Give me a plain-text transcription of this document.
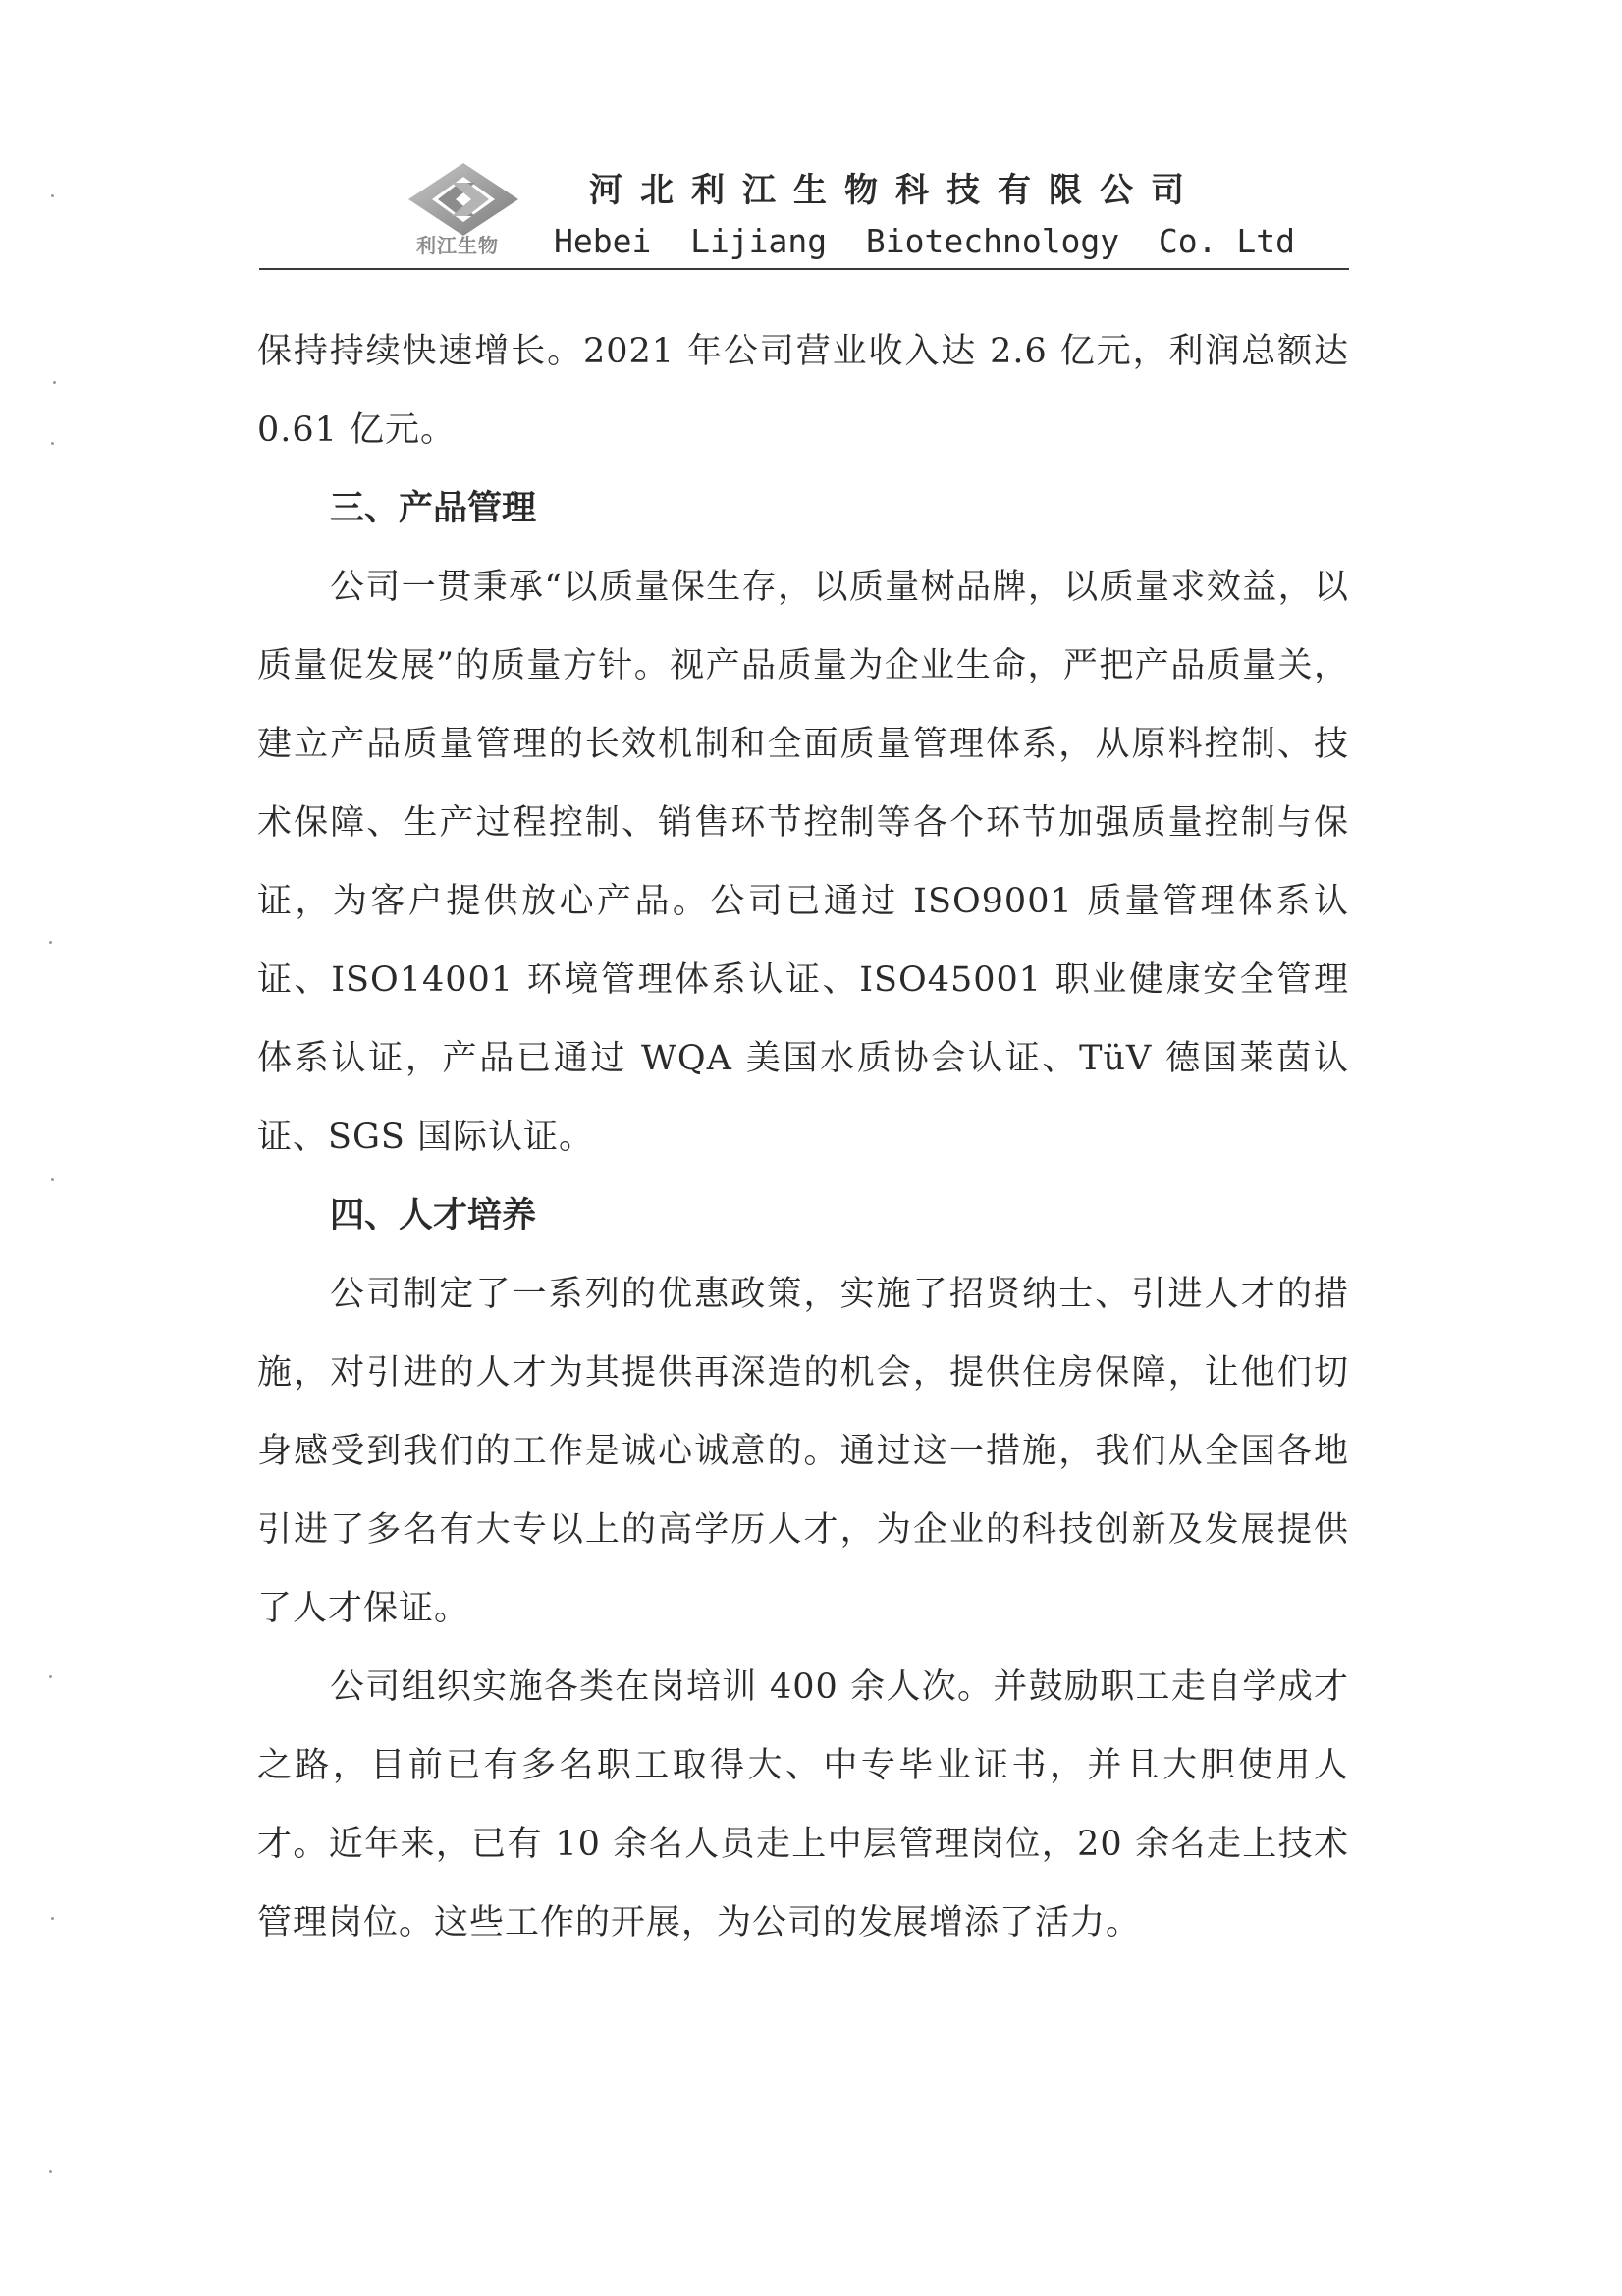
利江生物
河北利江生物科技有限公司
Hebei  Lijiang  Biotechnology  Co. Ltd

保持持续快速增长。2021 年公司营业收入达 2.6 亿元，利润总额达 0.61 亿元。

三、产品管理

公司一贯秉承“以质量保生存，以质量树品牌，以质量求效益，以质量促发展”的质量方针。视产品质量为企业生命，严把产品质量关，建立产品质量管理的长效机制和全面质量管理体系，从原料控制、技术保障、生产过程控制、销售环节控制等各个环节加强质量控制与保证，为客户提供放心产品。公司已通过 ISO9001 质量管理体系认证、ISO14001 环境管理体系认证、ISO45001 职业健康安全管理体系认证，产品已通过 WQA 美国水质协会认证、TüV 德国莱茵认证、SGS 国际认证。

四、人才培养

公司制定了一系列的优惠政策，实施了招贤纳士、引进人才的措施，对引进的人才为其提供再深造的机会，提供住房保障，让他们切身感受到我们的工作是诚心诚意的。通过这一措施，我们从全国各地引进了多名有大专以上的高学历人才，为企业的科技创新及发展提供了人才保证。

公司组织实施各类在岗培训 400 余人次。并鼓励职工走自学成才之路，目前已有多名职工取得大、中专毕业证书，并且大胆使用人才。近年来，已有 10 余名人员走上中层管理岗位，20 余名走上技术管理岗位。这些工作的开展，为公司的发展增添了活力。
